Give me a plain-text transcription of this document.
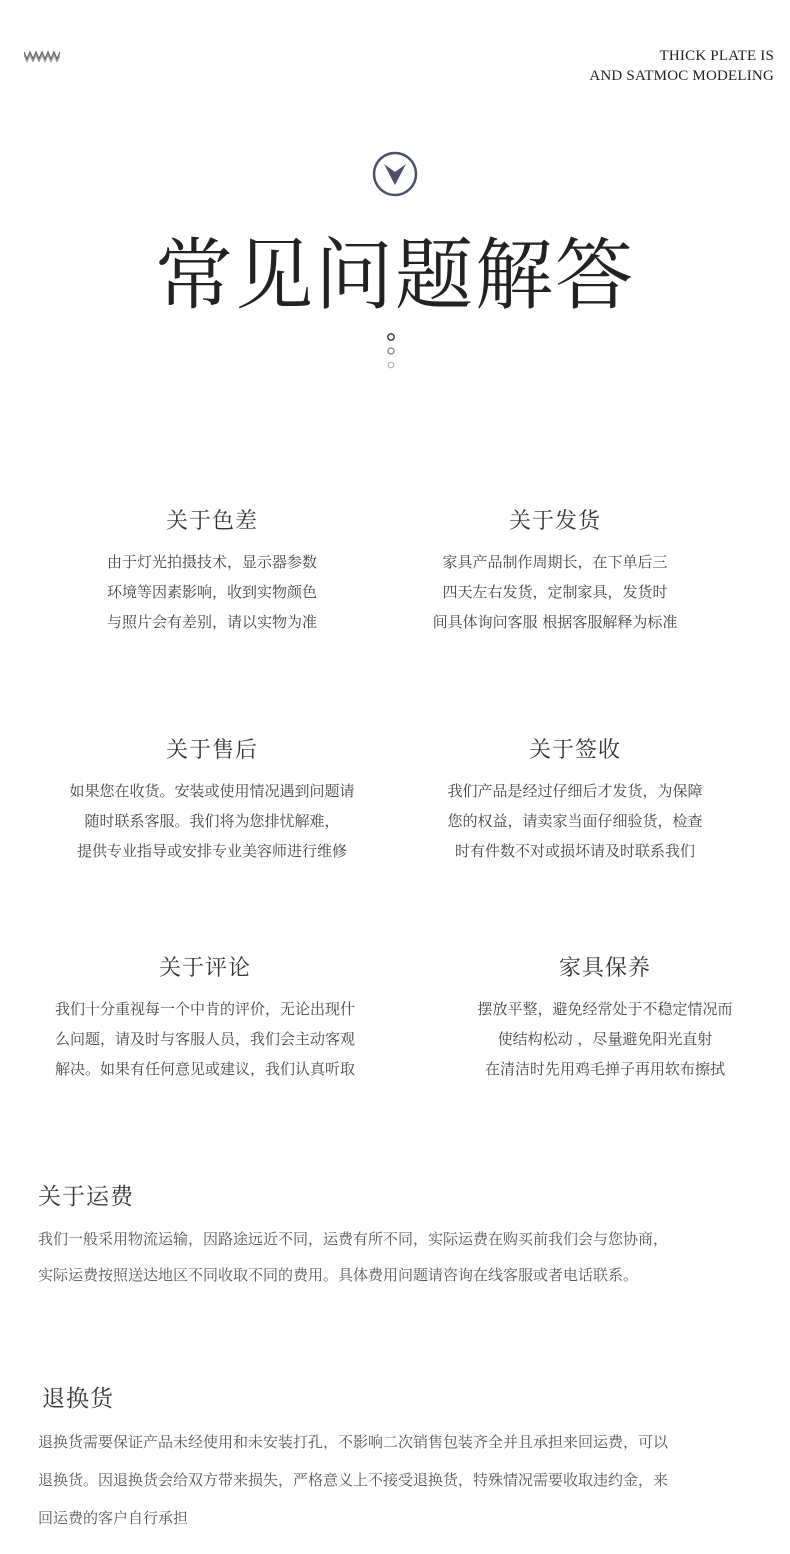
THICK PLATE IS
AND SATMOC MODELING
常见问题解答
关于色差
由于灯光拍摄技术，显示器参数
环境等因素影响，收到实物颜色
与照片会有差别，请以实物为准
关于发货
家具产品制作周期长，在下单后三
四天左右发货，定制家具，发货时
间具体询问客服 根据客服解释为标准
关于售后
如果您在收货。安装或使用情况遇到问题请
随时联系客服。我们将为您排忧解难，
提供专业指导或安排专业美容师进行维修
关于签收
我们产品是经过仔细后才发货，为保障
您的权益，请卖家当面仔细验货，检查
时有件数不对或损坏请及时联系我们
关于评论
我们十分重视每一个中肯的评价，无论出现什
么问题，请及时与客服人员，我们会主动客观
解决。如果有任何意见或建议，我们认真听取
家具保养
摆放平整，避免经常处于不稳定情况而
使结构松动 ，尽量避免阳光直射
在清洁时先用鸡毛掸子再用软布擦拭
关于运费
我们一般采用物流运输，因路途远近不同，运费有所不同，实际运费在购买前我们会与您协商，
实际运费按照送达地区不同收取不同的费用。具体费用问题请咨询在线客服或者电话联系。
退换货
退换货需要保证产品未经使用和未安装打孔，不影响二次销售包装齐全并且承担来回运费，可以
退换货。因退换货会给双方带来损失，严格意义上不接受退换货，特殊情况需要收取违约金，来
回运费的客户自行承担
